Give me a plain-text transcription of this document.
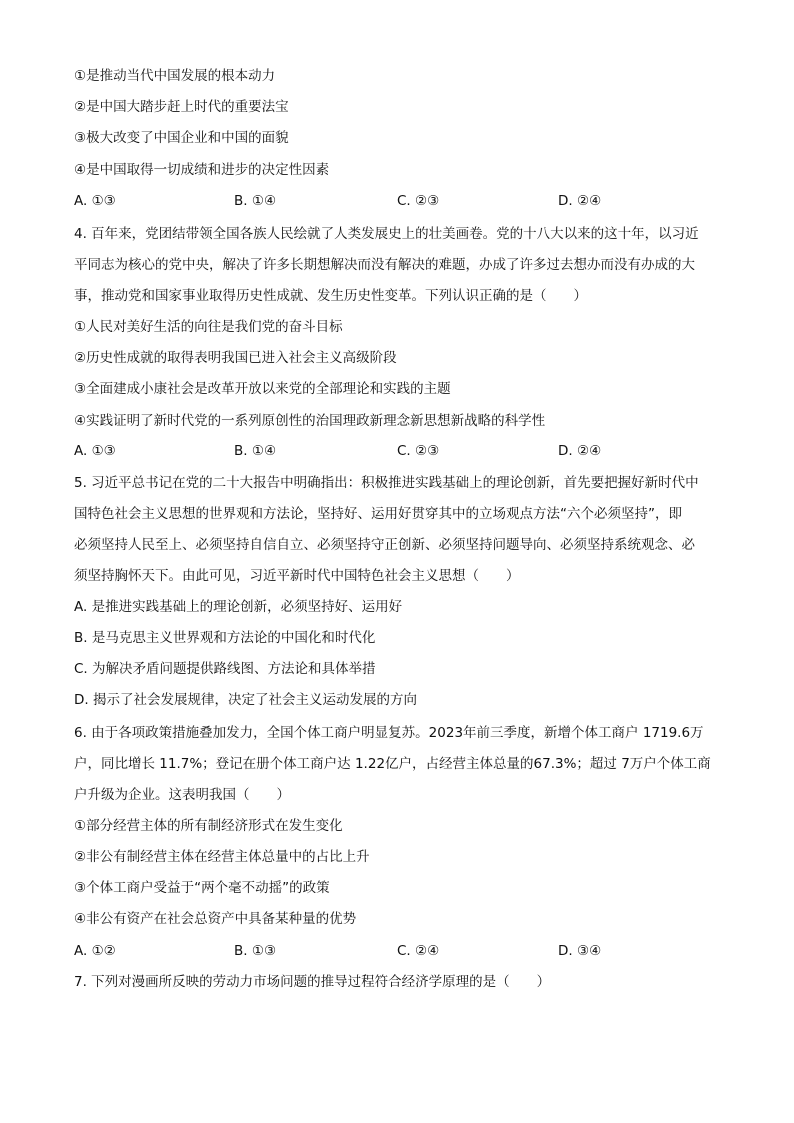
①是推动当代中国发展的根本动力
②是中国大踏步赶上时代的重要法宝
③极大改变了中国企业和中国的面貌
④是中国取得一切成绩和进步的决定性因素
A. ①③	B. ①④	C. ②③	D. ②④
4. 百年来，党团结带领全国各族人民绘就了人类发展史上的壮美画卷。党的十八大以来的这十年，以习近
平同志为核心的党中央，解决了许多长期想解决而没有解决的难题，办成了许多过去想办而没有办成的大
事，推动党和国家事业取得历史性成就、发生历史性变革。下列认识正确的是（　　）
①人民对美好生活的向往是我们党的奋斗目标
②历史性成就的取得表明我国已进入社会主义高级阶段
③全面建成小康社会是改革开放以来党的全部理论和实践的主题
④实践证明了新时代党的一系列原创性的治国理政新理念新思想新战略的科学性
A. ①③	B. ①④	C. ②③	D. ②④
5. 习近平总书记在党的二十大报告中明确指出：积极推进实践基础上的理论创新，首先要把握好新时代中
国特色社会主义思想的世界观和方法论，坚持好、运用好贯穿其中的立场观点方法“六个必须坚持”，即
必须坚持人民至上、必须坚持自信自立、必须坚持守正创新、必须坚持问题导向、必须坚持系统观念、必
须坚持胸怀天下。由此可见，习近平新时代中国特色社会主义思想（　　）
A. 是推进实践基础上的理论创新，必须坚持好、运用好
B. 是马克思主义世界观和方法论的中国化和时代化
C. 为解决矛盾问题提供路线图、方法论和具体举措
D. 揭示了社会发展规律，决定了社会主义运动发展的方向
6. 由于各项政策措施叠加发力，全国个体工商户明显复苏。2023年前三季度，新增个体工商户 1719.6万
户，同比增长 11.7%；登记在册个体工商户达 1.22亿户，占经营主体总量的67.3%；超过 7万户个体工商
户升级为企业。这表明我国（　　）
①部分经营主体的所有制经济形式在发生变化
②非公有制经营主体在经营主体总量中的占比上升
③个体工商户受益于“两个毫不动摇”的政策
④非公有资产在社会总资产中具备某种量的优势
A. ①②	B. ①③	C. ②④	D. ③④
7. 下列对漫画所反映的劳动力市场问题的推导过程符合经济学原理的是（　　）
